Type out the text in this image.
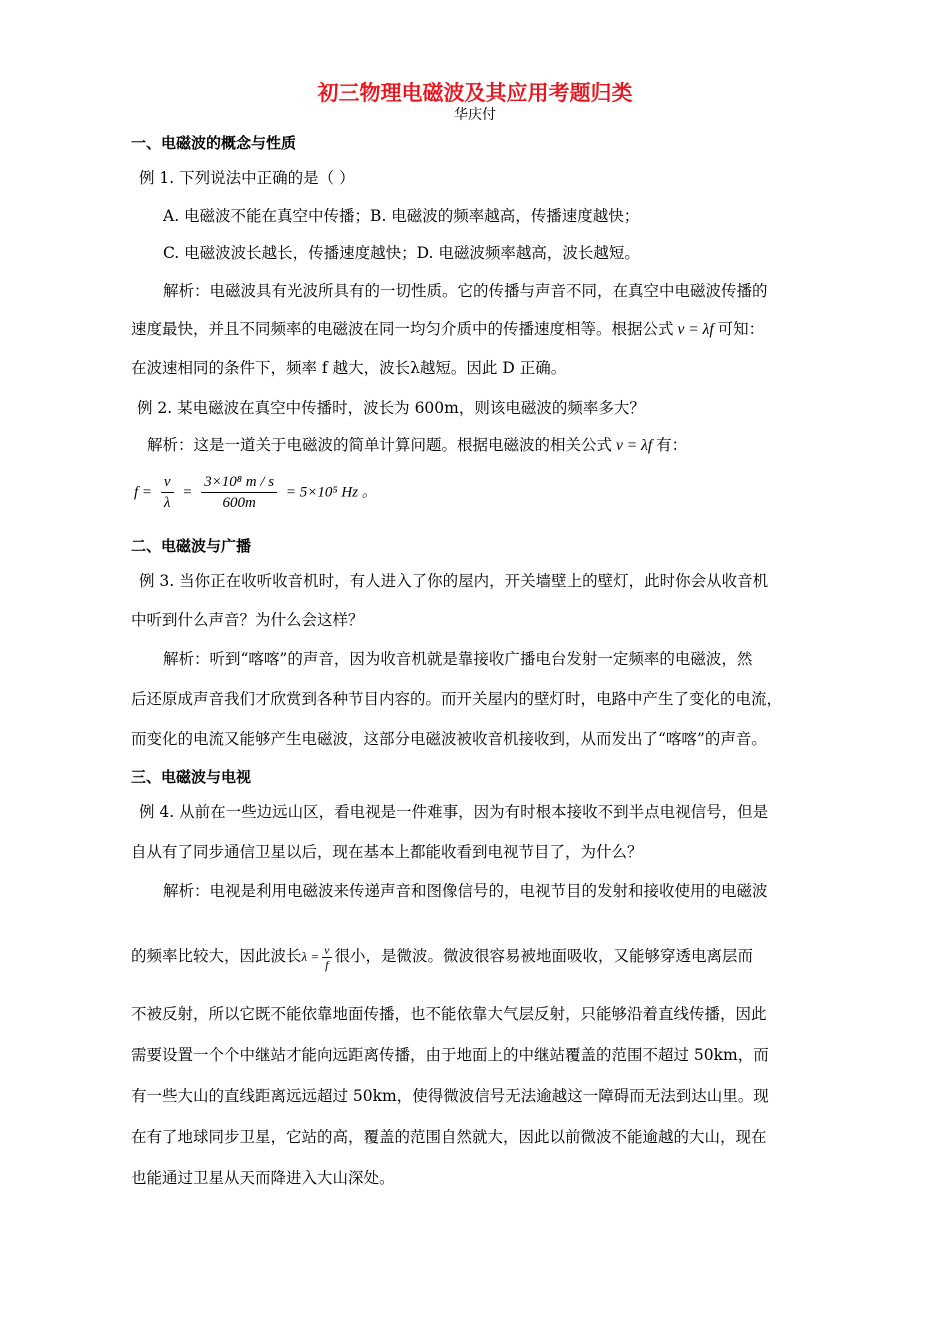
初三物理电磁波及其应用考题归类
华庆付
一、电磁波的概念与性质
例 1. 下列说法中正确的是（ ）
A. 电磁波不能在真空中传播；B. 电磁波的频率越高，传播速度越快；
C. 电磁波波长越长，传播速度越快；D. 电磁波频率越高，波长越短。
解析：电磁波具有光波所具有的一切性质。它的传播与声音不同，在真空中电磁波传播的
速度最快，并且不同频率的电磁波在同一均匀介质中的传播速度相等。根据公式 v = λf 可知：
在波速相同的条件下，频率 f 越大，波长λ越短。因此 D 正确。
例 2. 某电磁波在真空中传播时，波长为 600m，则该电磁波的频率多大？
解析：这是一道关于电磁波的简单计算问题。根据电磁波的相关公式 v = λf 有：
$f = \frac{v}{\lambda} = \frac{\text{3×10⁸ m / s}}{600m} = 5\times 10^5$ Hz 。
二、电磁波与广播
例 3. 当你正在收听收音机时，有人进入了你的屋内，开关墙壁上的壁灯，此时你会从收音机
中听到什么声音？为什么会这样？
解析：听到“喀喀”的声音，因为收音机就是靠接收广播电台发射一定频率的电磁波，然
后还原成声音我们才欣赏到各种节目内容的。而开关屋内的壁灯时，电路中产生了变化的电流，
而变化的电流又能够产生电磁波，这部分电磁波被收音机接收到，从而发出了“喀喀”的声音。
三、电磁波与电视
例 4. 从前在一些边远山区，看电视是一件难事，因为有时根本接收不到半点电视信号，但是
自从有了同步通信卫星以后，现在基本上都能收看到电视节目了，为什么？
解析：电视是利用电磁波来传递声音和图像信号的，电视节目的发射和接收使用的电磁波
的频率比较大，因此波长$\lambda = \frac{v}{f}$ 很小，是微波。微波很容易被地面吸收，又能够穿透电离层而
不被反射，所以它既不能依靠地面传播，也不能依靠大气层反射，只能够沿着直线传播，因此
需要设置一个个中继站才能向远距离传播，由于地面上的中继站覆盖的范围不超过 50km，而
有一些大山的直线距离远远超过 50km，使得微波信号无法逾越这一障碍而无法到达山里。现
在有了地球同步卫星，它站的高，覆盖的范围自然就大，因此以前微波不能逾越的大山，现在
也能通过卫星从天而降进入大山深处。
